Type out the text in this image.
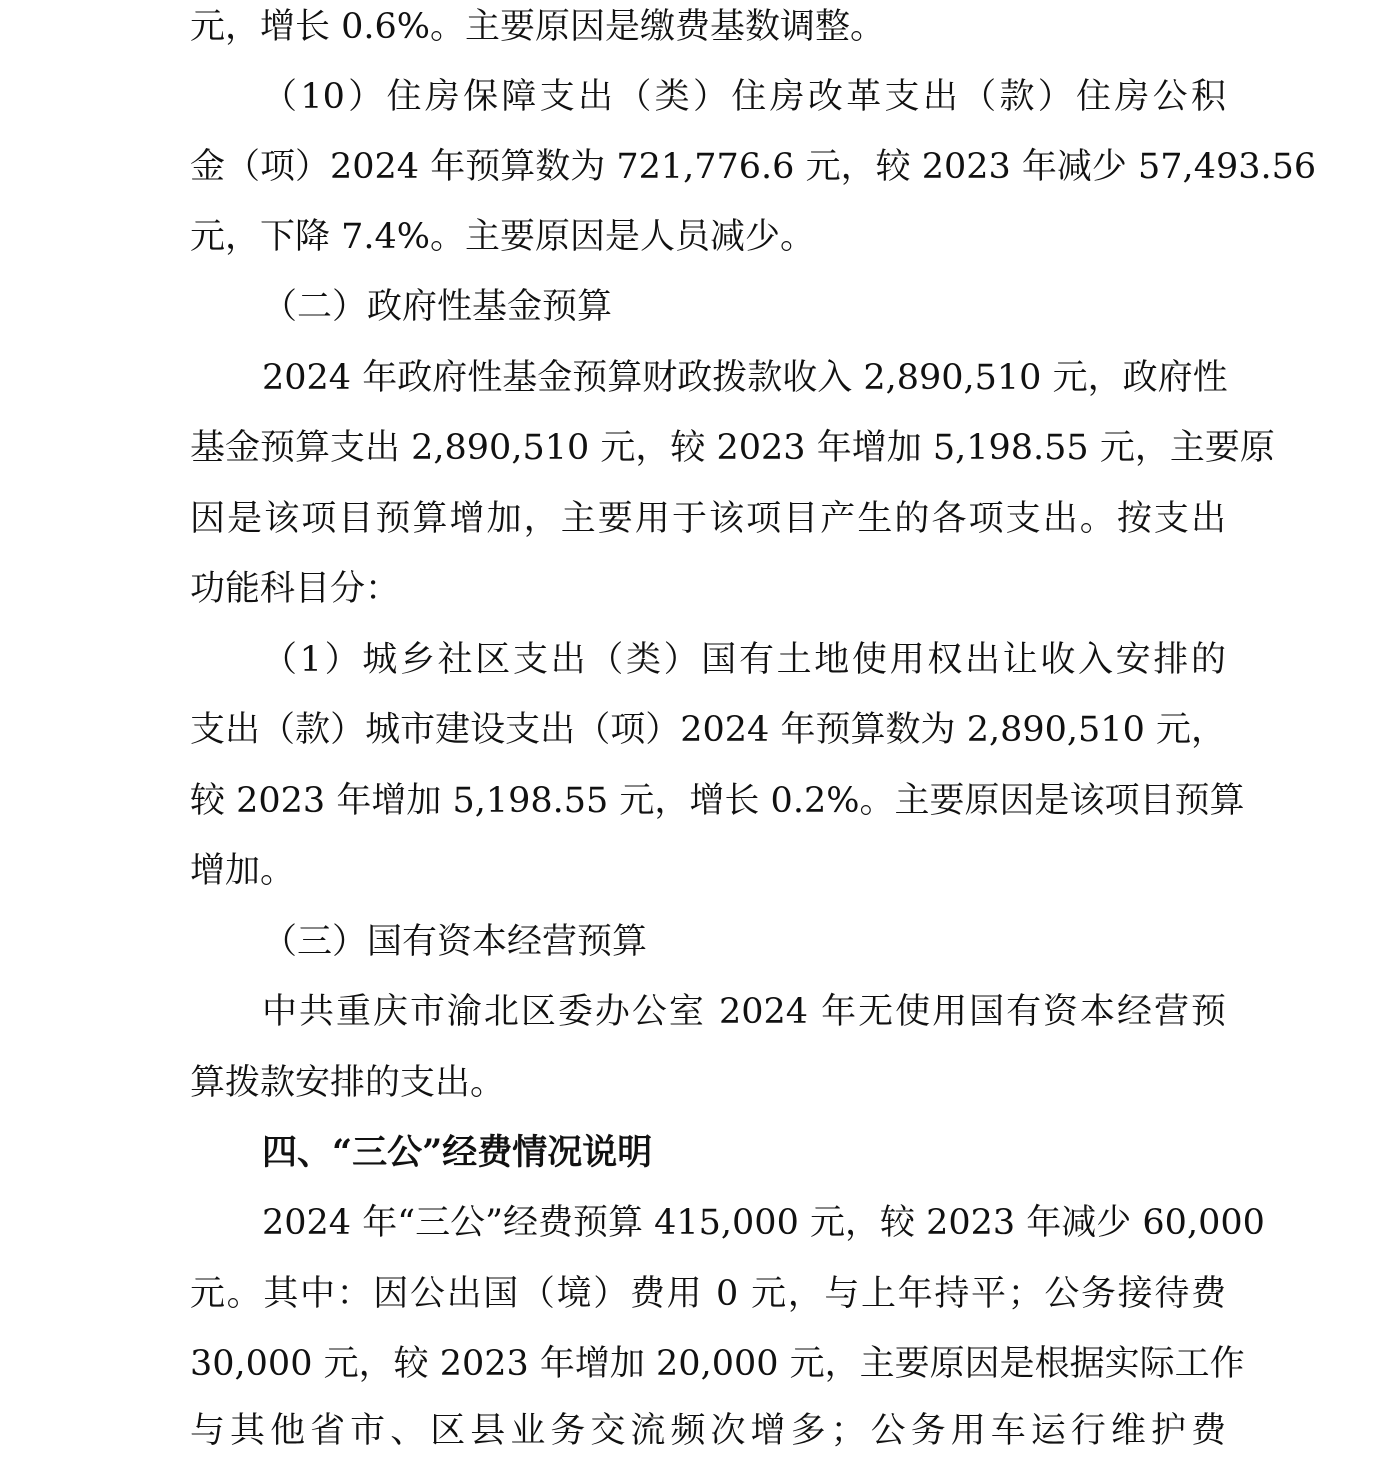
元，增长 0.6%。主要原因是缴费基数调整。
（10）住房保障支出（类）住房改革支出（款）住房公积
金（项）2024 年预算数为 721,776.6 元，较 2023 年减少 57,493.56
元，下降 7.4%。主要原因是人员减少。
（二）政府性基金预算
2024 年政府性基金预算财政拨款收入 2,890,510 元，政府性
基金预算支出 2,890,510 元，较 2023 年增加 5,198.55 元，主要原
因是该项目预算增加，主要用于该项目产生的各项支出。按支出
功能科目分：
（1）城乡社区支出（类）国有土地使用权出让收入安排的
支出（款）城市建设支出（项）2024 年预算数为 2,890,510 元，
较 2023 年增加 5,198.55 元，增长 0.2%。主要原因是该项目预算
增加。
（三）国有资本经营预算
中共重庆市渝北区委办公室 2024 年无使用国有资本经营预
算拨款安排的支出。
四、“三公”经费情况说明
2024 年“三公”经费预算 415,000 元，较 2023 年减少 60,000
元。其中：因公出国（境）费用 0 元，与上年持平；公务接待费
30,000 元，较 2023 年增加 20,000 元，主要原因是根据实际工作
与其他省市、区县业务交流频次增多；公务用车运行维护费
